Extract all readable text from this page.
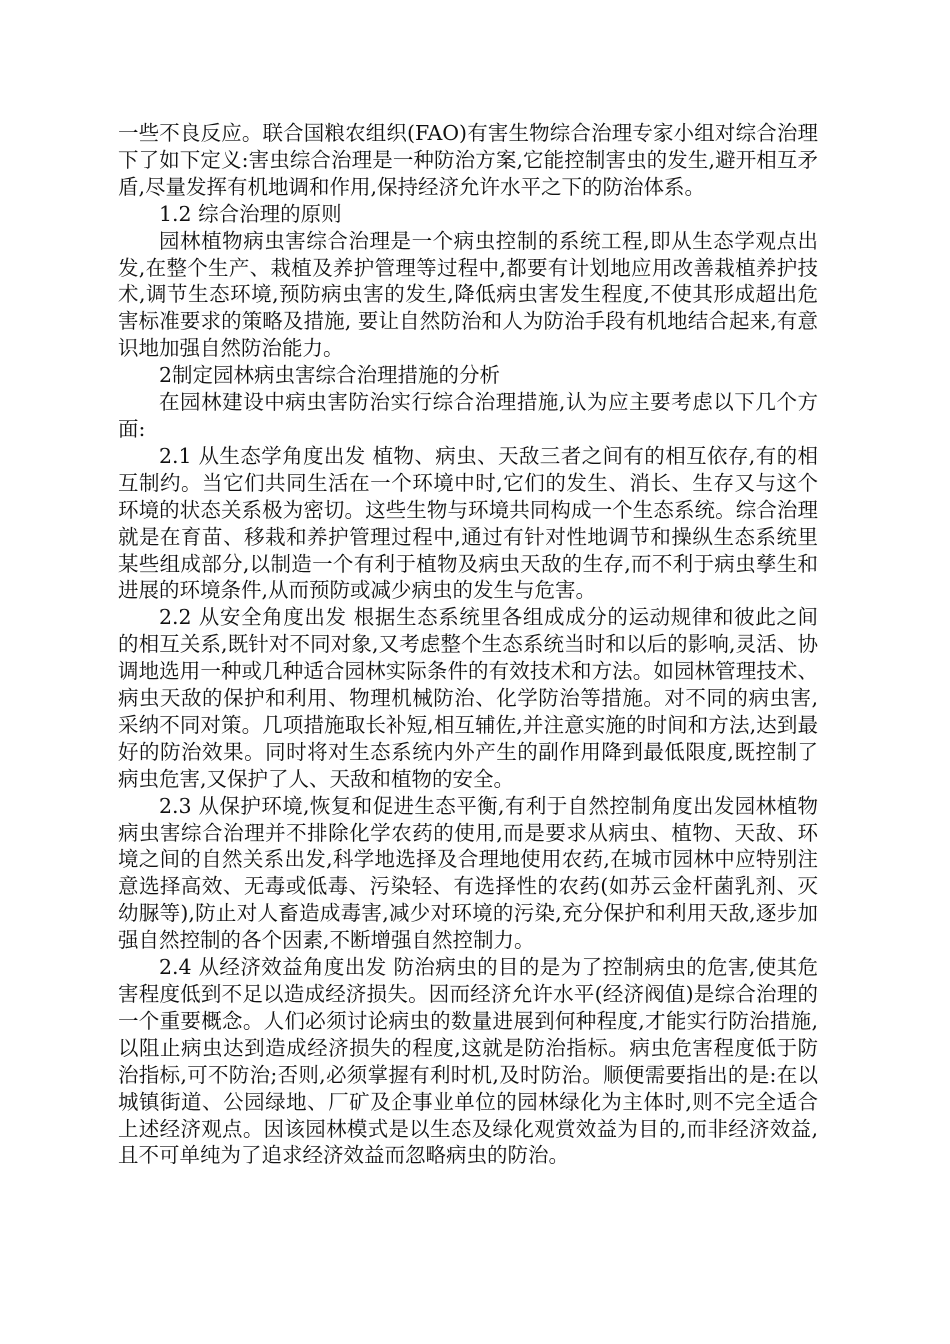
一些不良反应。联合国粮农组织(FAO)有害生物综合治理专家小组对综合治理下了如下定义:害虫综合治理是一种防治方案,它能控制害虫的发生,避开相互矛盾,尽量发挥有机地调和作用,保持经济允许水平之下的防治体系。

1.2 综合治理的原则

园林植物病虫害综合治理是一个病虫控制的系统工程,即从生态学观点出发,在整个生产、栽植及养护管理等过程中,都要有计划地应用改善栽植养护技术,调节生态环境,预防病虫害的发生,降低病虫害发生程度,不使其形成超出危害标准要求的策略及措施, 要让自然防治和人为防治手段有机地结合起来,有意识地加强自然防治能力。

2制定园林病虫害综合治理措施的分析

在园林建设中病虫害防治实行综合治理措施,认为应主要考虑以下几个方面:

2.1 从生态学角度出发 植物、病虫、天敌三者之间有的相互依存,有的相互制约。当它们共同生活在一个环境中时,它们的发生、消长、生存又与这个环境的状态关系极为密切。这些生物与环境共同构成一个生态系统。综合治理就是在育苗、移栽和养护管理过程中,通过有针对性地调节和操纵生态系统里某些组成部分,以制造一个有利于植物及病虫天敌的生存,而不利于病虫孳生和进展的环境条件,从而预防或减少病虫的发生与危害。

2.2 从安全角度出发 根据生态系统里各组成成分的运动规律和彼此之间的相互关系,既针对不同对象,又考虑整个生态系统当时和以后的影响,灵活、协调地选用一种或几种适合园林实际条件的有效技术和方法。如园林管理技术、病虫天敌的保护和利用、物理机械防治、化学防治等措施。对不同的病虫害,采纳不同对策。几项措施取长补短,相互辅佐,并注意实施的时间和方法,达到最好的防治效果。同时将对生态系统内外产生的副作用降到最低限度,既控制了病虫危害,又保护了人、天敌和植物的安全。

2.3 从保护环境,恢复和促进生态平衡,有利于自然控制角度出发园林植物病虫害综合治理并不排除化学农药的使用,而是要求从病虫、植物、天敌、环境之间的自然关系出发,科学地选择及合理地使用农药,在城市园林中应特别注意选择高效、无毒或低毒、污染轻、有选择性的农药(如苏云金杆菌乳剂、灭幼脲等),防止对人畜造成毒害,减少对环境的污染,充分保护和利用天敌,逐步加强自然控制的各个因素,不断增强自然控制力。

2.4 从经济效益角度出发 防治病虫的目的是为了控制病虫的危害,使其危害程度低到不足以造成经济损失。因而经济允许水平(经济阀值)是综合治理的一个重要概念。人们必须讨论病虫的数量进展到何种程度,才能实行防治措施,以阻止病虫达到造成经济损失的程度,这就是防治指标。病虫危害程度低于防治指标,可不防治;否则,必须掌握有利时机,及时防治。顺便需要指出的是:在以城镇街道、公园绿地、厂矿及企事业单位的园林绿化为主体时,则不完全适合上述经济观点。因该园林模式是以生态及绿化观赏效益为目的,而非经济效益,且不可单纯为了追求经济效益而忽略病虫的防治。
